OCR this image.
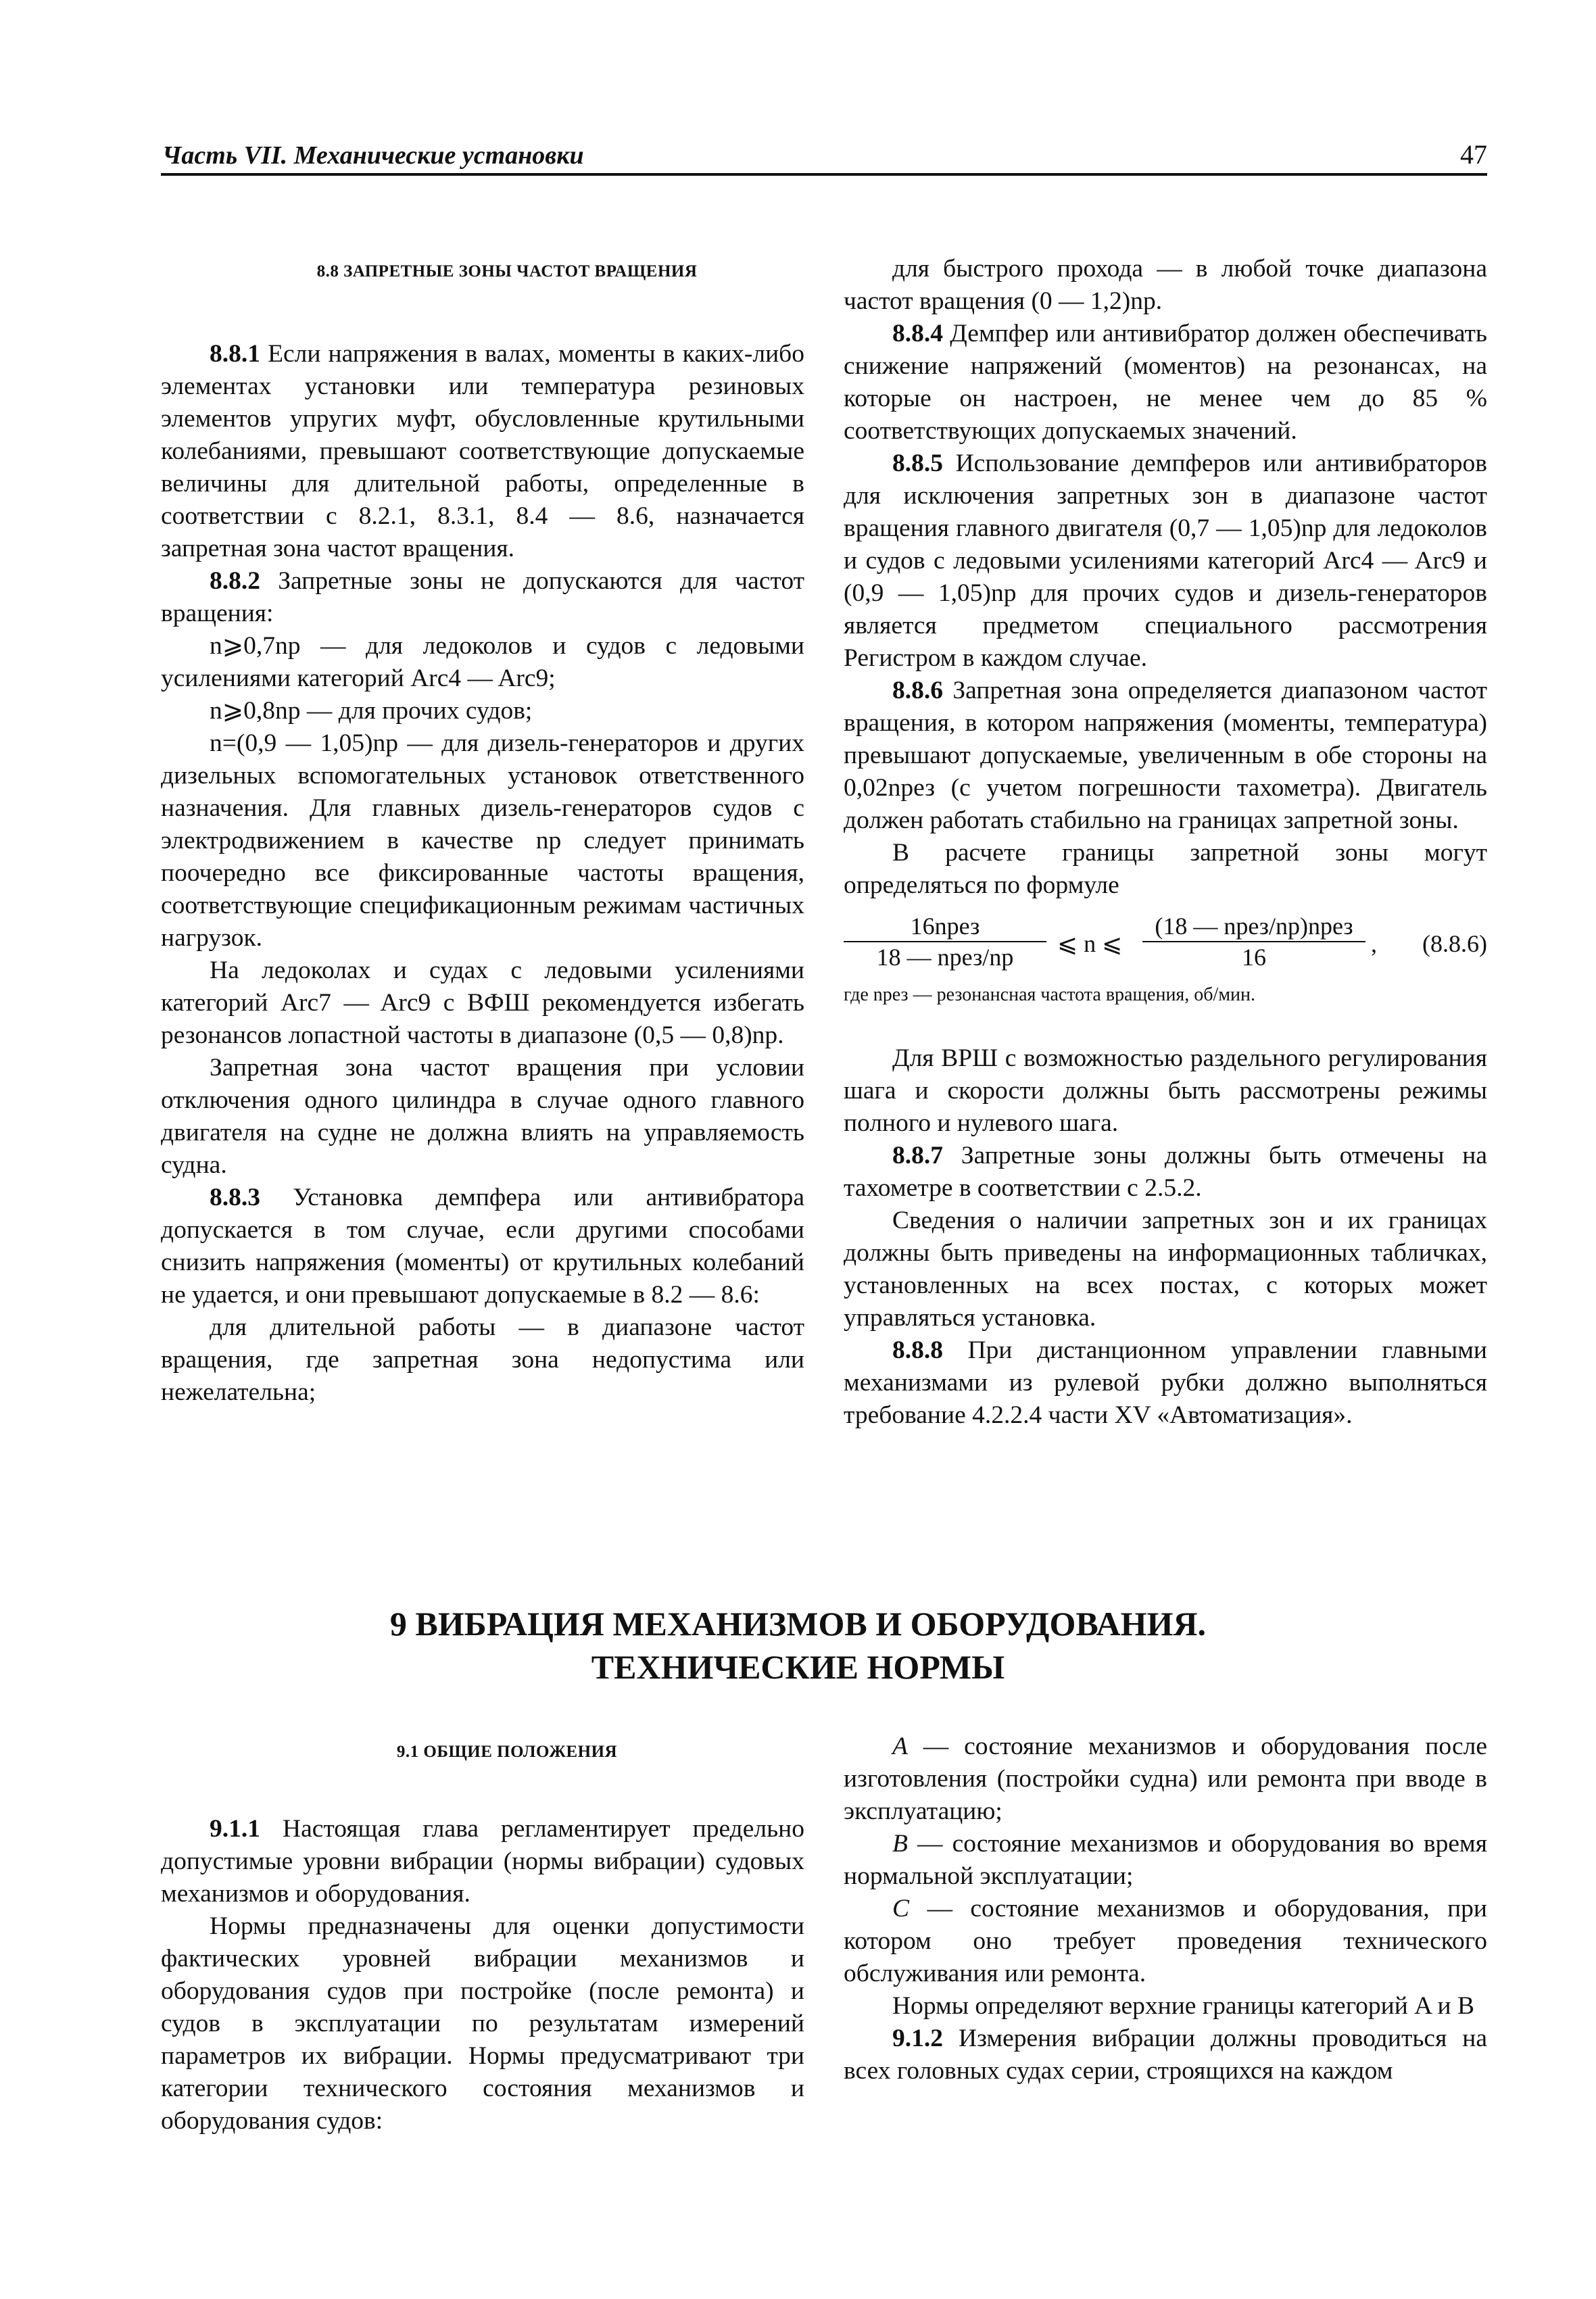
Часть VII. Механические установки	47

8.8 ЗАПРЕТНЫЕ ЗОНЫ ЧАСТОТ ВРАЩЕНИЯ

8.8.1 Если напряжения в валах, моменты в каких-либо элементах установки или температура резиновых элементов упругих муфт, обусловленные крутильными колебаниями, превышают соответствующие допускаемые величины для длительной работы, определенные в соответствии с 8.2.1, 8.3.1, 8.4 — 8.6, назначается запретная зона частот вращения.

8.8.2 Запретные зоны не допускаются для частот вращения:

n⩾0,7nр — для ледоколов и судов с ледовыми усилениями категорий Arc4 — Arc9;

n⩾0,8nр — для прочих судов;

n=(0,9 — 1,05)nр — для дизель-генераторов и других дизельных вспомогательных установок ответственного назначения. Для главных дизель-генераторов судов с электродвижением в качестве nр следует принимать поочередно все фиксированные частоты вращения, соответствующие спецификационным режимам частичных нагрузок.

На ледоколах и судах с ледовыми усилениями категорий Arc7 — Arc9 с ВФШ рекомендуется избегать резонансов лопастной частоты в диапазоне (0,5 — 0,8)nр.

Запретная зона частот вращения при условии отключения одного цилиндра в случае одного главного двигателя на судне не должна влиять на управляемость судна.

8.8.3 Установка демпфера или антивибратора допускается в том случае, если другими способами снизить напряжения (моменты) от крутильных колебаний не удается, и они превышают допускаемые в 8.2 — 8.6:

для длительной работы — в диапазоне частот вращения, где запретная зона недопустима или нежелательна;

для быстрого прохода — в любой точке диапазона частот вращения (0 — 1,2)nр.

8.8.4 Демпфер или антивибратор должен обеспечивать снижение напряжений (моментов) на резонансах, на которые он настроен, не менее чем до 85 % соответствующих допускаемых значений.

8.8.5 Использование демпферов или антивибраторов для исключения запретных зон в диапазоне частот вращения главного двигателя (0,7 — 1,05)nр для ледоколов и судов с ледовыми усилениями категорий Arc4 — Arc9 и (0,9 — 1,05)nр для прочих судов и дизель-генераторов является предметом специального рассмотрения Регистром в каждом случае.

8.8.6 Запретная зона определяется диапазоном частот вращения, в котором напряжения (моменты, температура) превышают допускаемые, увеличенным в обе стороны на 0,02nрез (с учетом погрешности тахометра). Двигатель должен работать стабильно на границах запретной зоны.

В расчете границы запретной зоны могут определяться по формуле

16nрез
18 — nрез/nр	⩽ n ⩽
(18 — nрез/nр)nрез
16	, (8.8.6)

где nрез — резонансная частота вращения, об/мин.

Для ВРШ с возможностью раздельного регулирования шага и скорости должны быть рассмотрены режимы полного и нулевого шага.

8.8.7 Запретные зоны должны быть отмечены на тахометре в соответствии с 2.5.2.

Сведения о наличии запретных зон и их границах должны быть приведены на информационных табличках, установленных на всех постах, с которых может управляться установка.

8.8.8 При дистанционном управлении главными механизмами из рулевой рубки должно выполняться требование 4.2.2.4 части XV «Автоматизация».

9 ВИБРАЦИЯ МЕХАНИЗМОВ И ОБОРУДОВАНИЯ.
ТЕХНИЧЕСКИЕ НОРМЫ

9.1 ОБЩИЕ ПОЛОЖЕНИЯ

9.1.1 Настоящая глава регламентирует предельно допустимые уровни вибрации (нормы вибрации) судовых механизмов и оборудования.

Нормы предназначены для оценки допустимости фактических уровней вибрации механизмов и оборудования судов при постройке (после ремонта) и судов в эксплуатации по результатам измерений параметров их вибрации. Нормы предусматривают три категории технического состояния механизмов и оборудования судов:

A — состояние механизмов и оборудования после изготовления (постройки судна) или ремонта при вводе в эксплуатацию;

B — состояние механизмов и оборудования во время нормальной эксплуатации;

C — состояние механизмов и оборудования, при котором оно требует проведения технического обслуживания или ремонта.

Нормы определяют верхние границы категорий A и B

9.1.2 Измерения вибрации должны проводиться на всех головных судах серии, строящихся на каждом
